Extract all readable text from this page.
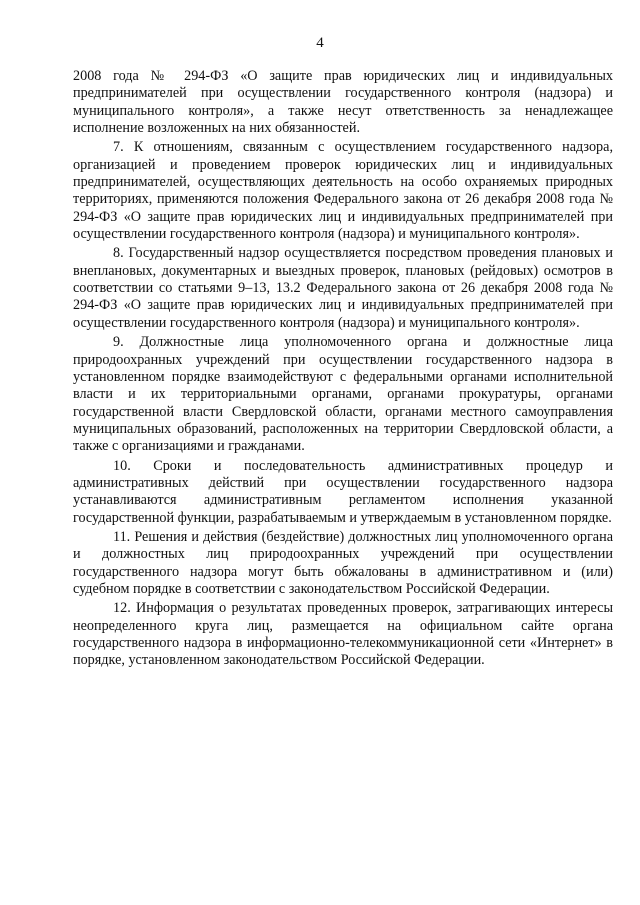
4

2008 года № 294-ФЗ «О защите прав юридических лиц и индивидуальных предпринимателей при осуществлении государственного контроля (надзора) и муниципального контроля», а также несут ответственность за ненадлежащее исполнение возложенных на них обязанностей.

7. К отношениям, связанным с осуществлением государственного надзора, организацией и проведением проверок юридических лиц и индивидуальных предпринимателей, осуществляющих деятельность на особо охраняемых природных территориях, применяются положения Федерального закона от 26 декабря 2008 года № 294-ФЗ «О защите прав юридических лиц и индивидуальных предпринимателей при осуществлении государственного контроля (надзора) и муниципального контроля».

8. Государственный надзор осуществляется посредством проведения плановых и внеплановых, документарных и выездных проверок, плановых (рейдовых) осмотров в соответствии со статьями 9–13, 13.2 Федерального закона от 26 декабря 2008 года № 294-ФЗ «О защите прав юридических лиц и индивидуальных предпринимателей при осуществлении государственного контроля (надзора) и муниципального контроля».

9. Должностные лица уполномоченного органа и должностные лица природоохранных учреждений при осуществлении государственного надзора в установленном порядке взаимодействуют с федеральными органами исполнительной власти и их территориальными органами, органами прокуратуры, органами государственной власти Свердловской области, органами местного самоуправления муниципальных образований, расположенных на территории Свердловской области, а также с организациями и гражданами.

10. Сроки и последовательность административных процедур и административных действий при осуществлении государственного надзора устанавливаются административным регламентом исполнения указанной государственной функции, разрабатываемым и утверждаемым в установленном порядке.

11. Решения и действия (бездействие) должностных лиц уполномоченного органа и должностных лиц природоохранных учреждений при осуществлении государственного надзора могут быть обжалованы в административном и (или) судебном порядке в соответствии с законодательством Российской Федерации.

12. Информация о результатах проведенных проверок, затрагивающих интересы неопределенного круга лиц, размещается на официальном сайте органа государственного надзора в информационно-телекоммуникационной сети «Интернет» в порядке, установленном законодательством Российской Федерации.
